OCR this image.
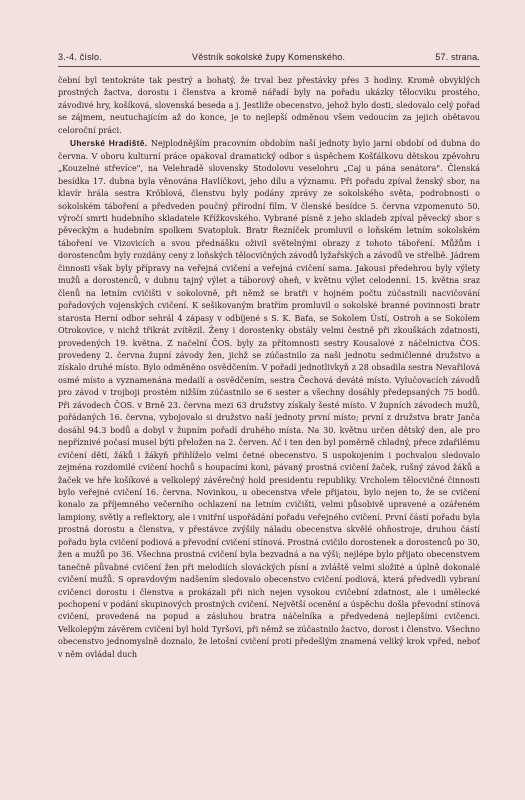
3.-4. číslo.	Věstník sokolské župy Komenského.	57. strana.

čební byl tentokráte tak pestrý a bohatý, že trval bez přestávky přes 3 hodiny. Kromě obvyklých prostných žactva, dorostu i členstva a kromě nářadí byly na pořadu ukázky tělocviku prostého, závodivé hry, košíková, slovenská beseda a j. Jestliže obecenstvo, jehož bylo dosti, sledovalo celý pořad se zájmem, neutuchajícím až do konce, je to nejlepší odměnou všem vedoucím za jejich obětavou celoroční práci.

Uherské Hradiště. Nejplodnějším pracovním obdobím naší jednoty bylo jarní období od dubna do června. V oboru kulturní práce opakoval dramatický odbor s úspěchem Košťálkovu dětskou zpěvohru „Kouzelné střevíce", na Velehradě slovensky Stodolovu veselohru „Caj u pána senátora". Členská besídka 17. dubna byla věnována Havlíčkovi, jeho dílu a významu. Při pořadu zpíval ženský sbor, na klavír hrála sestra Kröblová, členstvu byly podány zprávy ze sokolského světa, podrobnosti o sokolském táboření a předveden poučný přírodní film. V členské besídce 5. června vzpomenuto 50. výročí smrti hudebního skladatele Křížkovského. Vybrané písně z jeho skladeb zpíval pěvecký sbor s pěveckým a hudebním spolkem Svatopluk. Bratr Řezníček promluvil o loňském letním sokolském táboření ve Vizovicích a svou přednášku oživil světelnými obrazy z tohoto táboření. Můžům i dorostencům byly rozdány ceny z loňských tělocvičných závodů lyžařských a závodů ve střelbě. Jádrem činnosti však byly přípravy na veřejná cvičení a veřejná cvičení sama. Jakousi předehrou byly výlety mužů a dorostenců, v dubnu tajný výlet a táborový oheň, v květnu výlet celodenní. 15. května sraz členů na letním cvičišti v sokolovně, při němž se bratři v hojném počtu zúčastnili nacvičování pořadových vojenských cvičení. K sešikovaným bratřím promluvil o sokolské branné povinnosti bratr starosta Herní odbor sehrál 4 zápasy v odbíjené s S. K. Baťa, se Sokolem Ústí, Ostroh a se Sokolem Otrokovice, v nichž třikrát zvítězil. Ženy i dorostenky obstály velmi čestně při zkouškách zdatnosti, provedených 19. května. Z načelní ČOS. byly za přítomnosti sestry Kousalové z náčelnictva ČOS. provedeny 2. června župní závody žen, jichž se zúčastnilo za naši jednotu sedmičlenné družstvo a získalo druhé místo. Bylo odměněno osvědčením. V pořadí jednotlivkyň z 28 obsadila sestra Nevařilová osmé místo a vyznamenána medailí a osvědčením, sestra Čechová deváté místo. Vylučovacích závodů pro závod v trojboji prostém nižším zúčastnilo se 6 sester a všechny dosáhly předepsaných 75 bodů. Při závodech ČOS. v Brně 23. června mezi 63 družstvy získaly šesté místo. V župních závodech mužů, pořádaných 16. června, vybojovalo si družstvo naší jednoty první místo; první z družstva bratr Janča dosáhl 94.3 bodů a dobyl v župním pořadí druhého místa. Na 30. květnu určen dětský den, ale pro nepříznivé počasí musel býti přeložen na 2. červen. Ač i ten den byl poměrně chladný, přece zdařilému cvičení dětí, žáků i žákyň přihlíželo velmi četné obecenstvo. S uspokojením i pochvalou sledovalo zejména rozdomilé cvičení hochů s houpacími koni, pávaný prostná cvičení žaček, rušný závod žáků a žaček ve hře košíkové a velkolepý závěrečný hold presidentu republiky. Vrcholem tělocvičné činnosti bylo veřejné cvičení 16. června. Novinkou, u obecenstva vřele přijatou, bylo nejen to, že se cvičení konalo za příjemného večerního ochlazení na letním cvičišti, velmi působivě upravené a ozářeném lampiony, světly a reflektory, ale i vnitřní uspořádání pořadu veřejného cvičení. První částí pořadu byla prostná dorostu a členstva, v přestávce zvýšily náladu obecenstva skvělé ohňostroje, druhou částí pořadu byla cvičení podiová a převodní cvičení stínová. Prostná cvičilo dorostenek a dorostenců po 30, žen a mužů po 36. Všechna prostná cvičení byla bezvadná a na výši; nejlépe bylo přijato obecenstvem tanečně půvabné cvičení žen při melodiích slováckých písní a zvláště velmi složité a úplně dokonalé cvičení mužů. S opravdovým nadšením sledovalo obecenstvo cvičení podiová, která předvedli vybraní cvičenci dorostu i členstva a prokázali při nich nejen vysokou cvičební zdatnost, ale i umělecké pochopení v podání skupinových prostných cvičení. Největší ocenění a úspěchu došla převodní stínová cvičení, provedená na popud a zásluhou bratra náčelníka a předvedená nejlepšími cvičenci. Velkolepým závěrem cvičení byl hold Tyršovi, při němž se zúčastnilo žactvo, dorost i členstvo. Všechno obecenstvo jednomyslně doznalo, že letošní cvičení proti předešlým znamená veliký krok vpřed, neboť v něm ovládal duch
